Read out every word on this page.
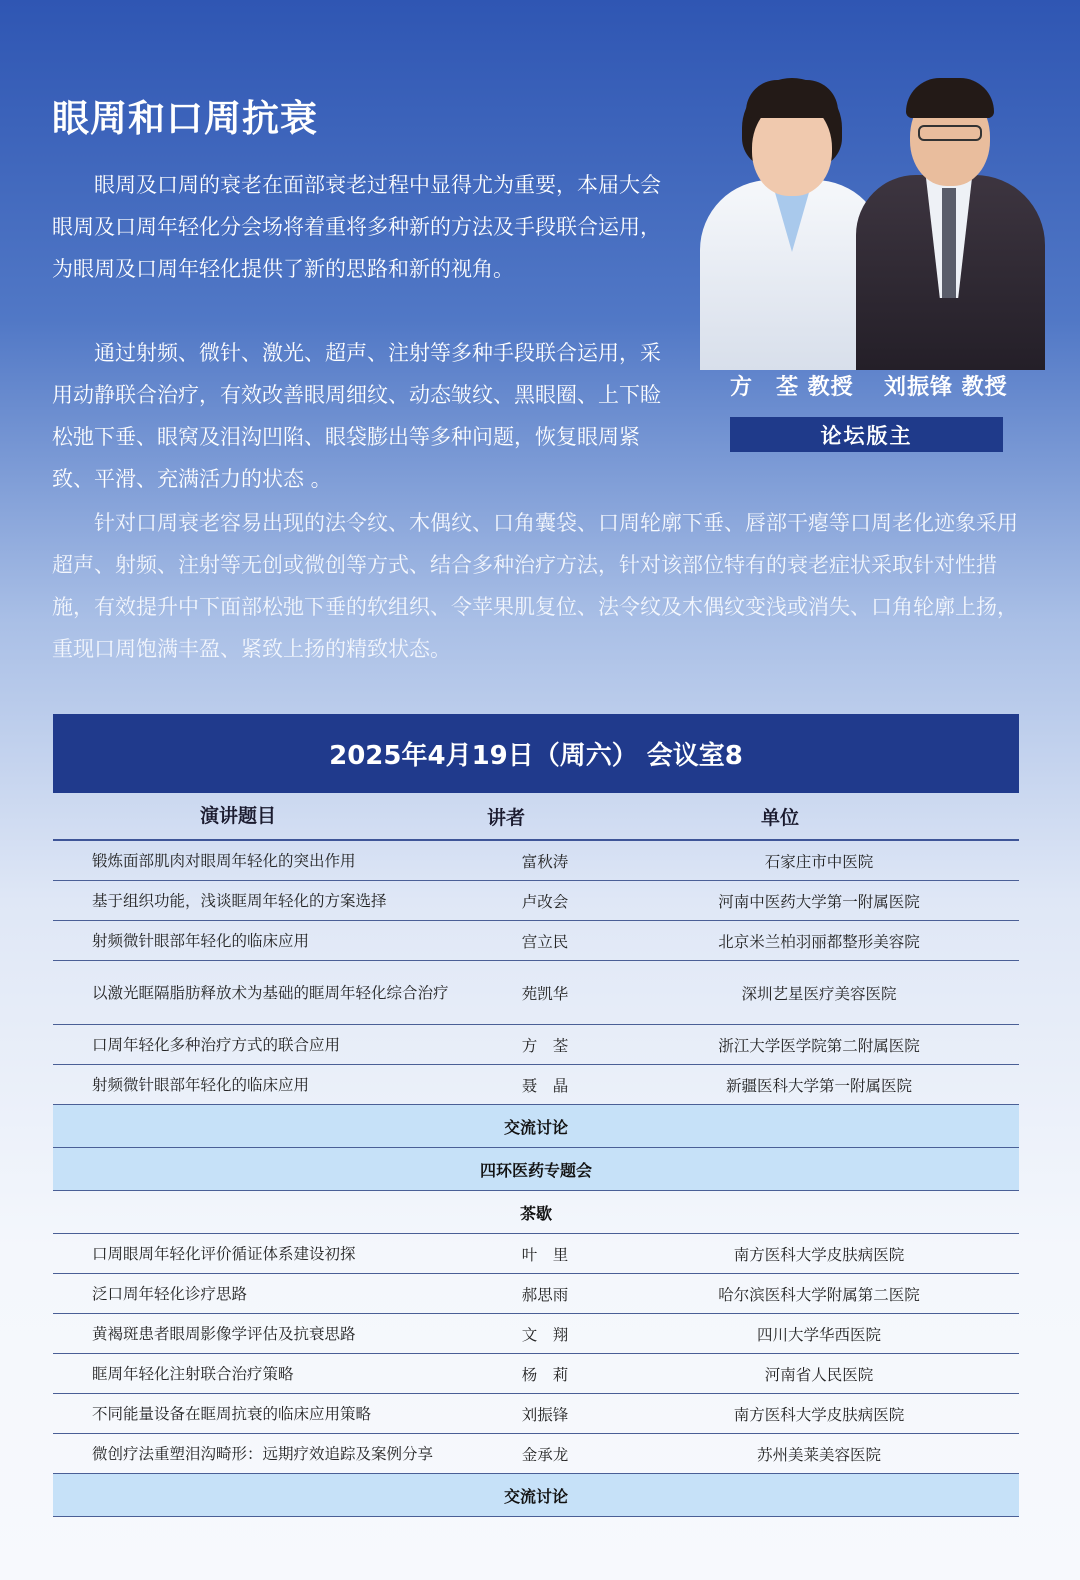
眼周和口周抗衰

眼周及口周的衰老在面部衰老过程中显得尤为重要，本届大会眼周及口周年轻化分会场将着重将多种新的方法及手段联合运用，为眼周及口周年轻化提供了新的思路和新的视角。

通过射频、微针、激光、超声、注射等多种手段联合运用，采用动静联合治疗，有效改善眼周细纹、动态皱纹、黑眼圈、上下睑松弛下垂、眼窝及泪沟凹陷、眼袋膨出等多种问题，恢复眼周紧致、平滑、充满活力的状态 。

针对口周衰老容易出现的法令纹、木偶纹、口角囊袋、口周轮廓下垂、唇部干瘪等口周老化迹象采用超声、射频、注射等无创或微创等方式、结合多种治疗方法，针对该部位特有的衰老症状采取针对性措施，有效提升中下面部松弛下垂的软组织、令苹果肌复位、法令纹及木偶纹变浅或消失、口角轮廓上扬，重现口周饱满丰盈、紧致上扬的精致状态。

方　荃 教授 刘振锋 教授
论坛版主
2025年4月19日（周六） 会议室8
演讲题目	讲者	单位
锻炼面部肌肉对眼周年轻化的突出作用	富秋涛	石家庄市中医院
基于组织功能，浅谈眶周年轻化的方案选择	卢改会	河南中医药大学第一附属医院
射频微针眼部年轻化的临床应用	宫立民	北京米兰柏羽丽都整形美容院
以激光眶隔脂肪释放术为基础的眶周年轻化综合治疗	苑凯华	深圳艺星医疗美容医院
口周年轻化多种治疗方式的联合应用	方　荃	浙江大学医学院第二附属医院
射频微针眼部年轻化的临床应用	聂　晶	新疆医科大学第一附属医院
交流讨论
四环医药专题会
茶歇
口周眼周年轻化评价循证体系建设初探	叶　里	南方医科大学皮肤病医院
泛口周年轻化诊疗思路	郝思雨	哈尔滨医科大学附属第二医院
黄褐斑患者眼周影像学评估及抗衰思路	文　翔	四川大学华西医院
眶周年轻化注射联合治疗策略	杨　莉	河南省人民医院
不同能量设备在眶周抗衰的临床应用策略	刘振锋	南方医科大学皮肤病医院
微创疗法重塑泪沟畸形：远期疗效追踪及案例分享	金承龙	苏州美莱美容医院
交流讨论
